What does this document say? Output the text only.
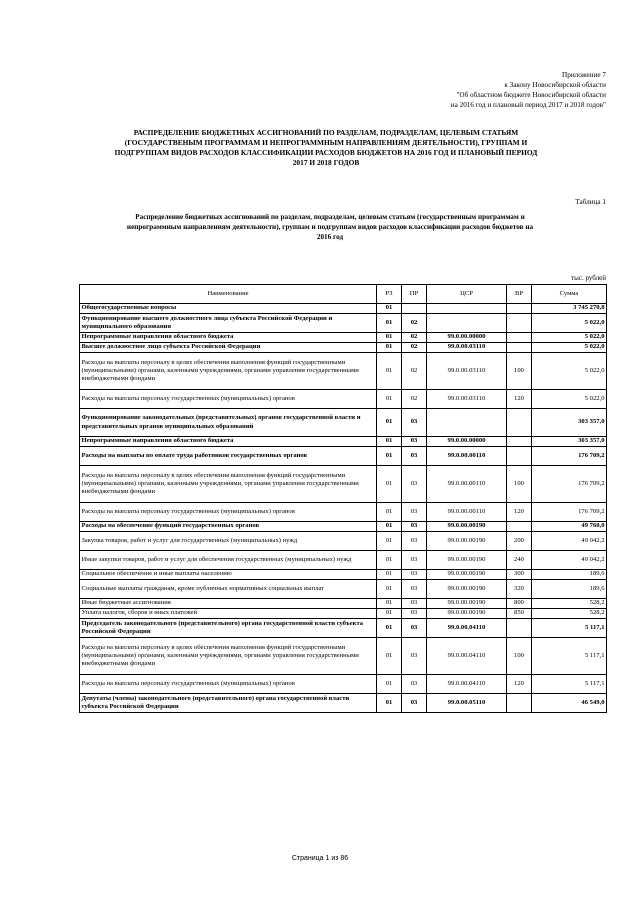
Приложение 7
к Закону Новосибирской области
"Об областном бюджете Новосибирской области
на 2016 год и плановый период 2017 и 2018 годов"
РАСПРЕДЕЛЕНИЕ БЮДЖЕТНЫХ АССИГНОВАНИЙ ПО РАЗДЕЛАМ, ПОДРАЗДЕЛАМ, ЦЕЛЕВЫМ СТАТЬЯМ
(ГОСУДАРСТВЕНЫМ ПРОГРАММАМ И НЕПРОГРАММНЫМ НАПРАВЛЕНИЯМ ДЕЯТЕЛЬНОСТИ), ГРУППАМ И
ПОДГРУППАМ ВИДОВ РАСХОДОВ КЛАССИФИКАЦИИ РАСХОДОВ БЮДЖЕТОВ НА 2016 ГОД И ПЛАНОВЫЙ ПЕРИОД
2017 И 2018 ГОДОВ
Таблица 1
Распределение бюджетных ассигнований по разделам, подразделам, целевым статьям (государственным программам и
непрограммным направлениям деятельности), группам и подгруппам видов расходов классификации расходов бюджетов на
2016 год
тыс. рублей
Наименование	РЗ	ПР	ЦСР	ВР	Сумма
Общегосударственные вопросы	01				3 745 270,8
Функционирование высшего должностного лица субъекта Российской Федерации и муниципального образования	01	02			5 022,0
Непрограммные направления областного бюджета	01	02	99.0.00.00000		5 022,0
Высшее должностное лицо субъекта Российской Федерации	01	02	99.0.00.03110		5 022,0
Расходы на выплаты персоналу в целях обеспечения выполнения функций государственными (муниципальными) органами, казенными учреждениями, органами управления государственными внебюджетными фондами	01	02	99.0.00.03110	100	5 022,0
Расходы на выплаты персоналу государственных (муниципальных) органов	01	02	99.0.00.03110	120	5 022,0
Функционирование законодательных (представительных) органов государственной власти и представительных органов муниципальных образований	01	03			303 357,0
Непрограммные направления областного бюджета	01	03	99.0.00.00000		303 357,0
Расходы на выплаты по оплате труда работников государственных органов	01	03	99.0.00.00110		176 709,2
Расходы на выплаты персоналу в целях обеспечения выполнения функций государственными (муниципальными) органами, казенными учреждениями, органами управления государственными внебюджетными фондами	01	03	99.0.00.00110	100	176 709,2
Расходы на выплаты персоналу государственных (муниципальных) органов	01	03	99.0.00.00110	120	176 709,2
Расходы на обеспечение функций государственных органов	01	03	99.0.00.00190		49 760,0
Закупка товаров, работ и услуг для государственных (муниципальных) нужд	01	03	99.0.00.00190	200	49 042,2
Иные закупки товаров, работ и услуг для обеспечения государственных (муниципальных) нужд	01	03	99.0.00.00190	240	49 042,2
Социальное обеспечение и иные выплаты населению	01	03	99.0.00.00190	300	189,6
Социальные выплаты гражданам, кроме публичных нормативных социальных выплат	01	03	99.0.00.00190	320	189,6
Иные бюджетные ассигнования	01	03	99.0.00.00190	800	528,2
Уплата налогов, сборов и иных платежей	01	03	99.0.00.00190	850	528,2
Председатель законодательного (представительного) органа государственной власти субъекта Российской Федерации	01	03	99.0.00.04110		5 117,1
Расходы на выплаты персоналу в целях обеспечения выполнения функций государственными (муниципальными) органами, казенными учреждениями, органами управления государственными внебюджетными фондами	01	03	99.0.00.04110	100	5 117,1
Расходы на выплаты персоналу государственных (муниципальных) органов	01	03	99.0.00.04110	120	5 117,1
Депутаты (члены) законодательного (представительного) органа государственной власти субъекта Российской Федерации	01	03	99.0.00.05110		46 549,0
Страница 1 из 86
